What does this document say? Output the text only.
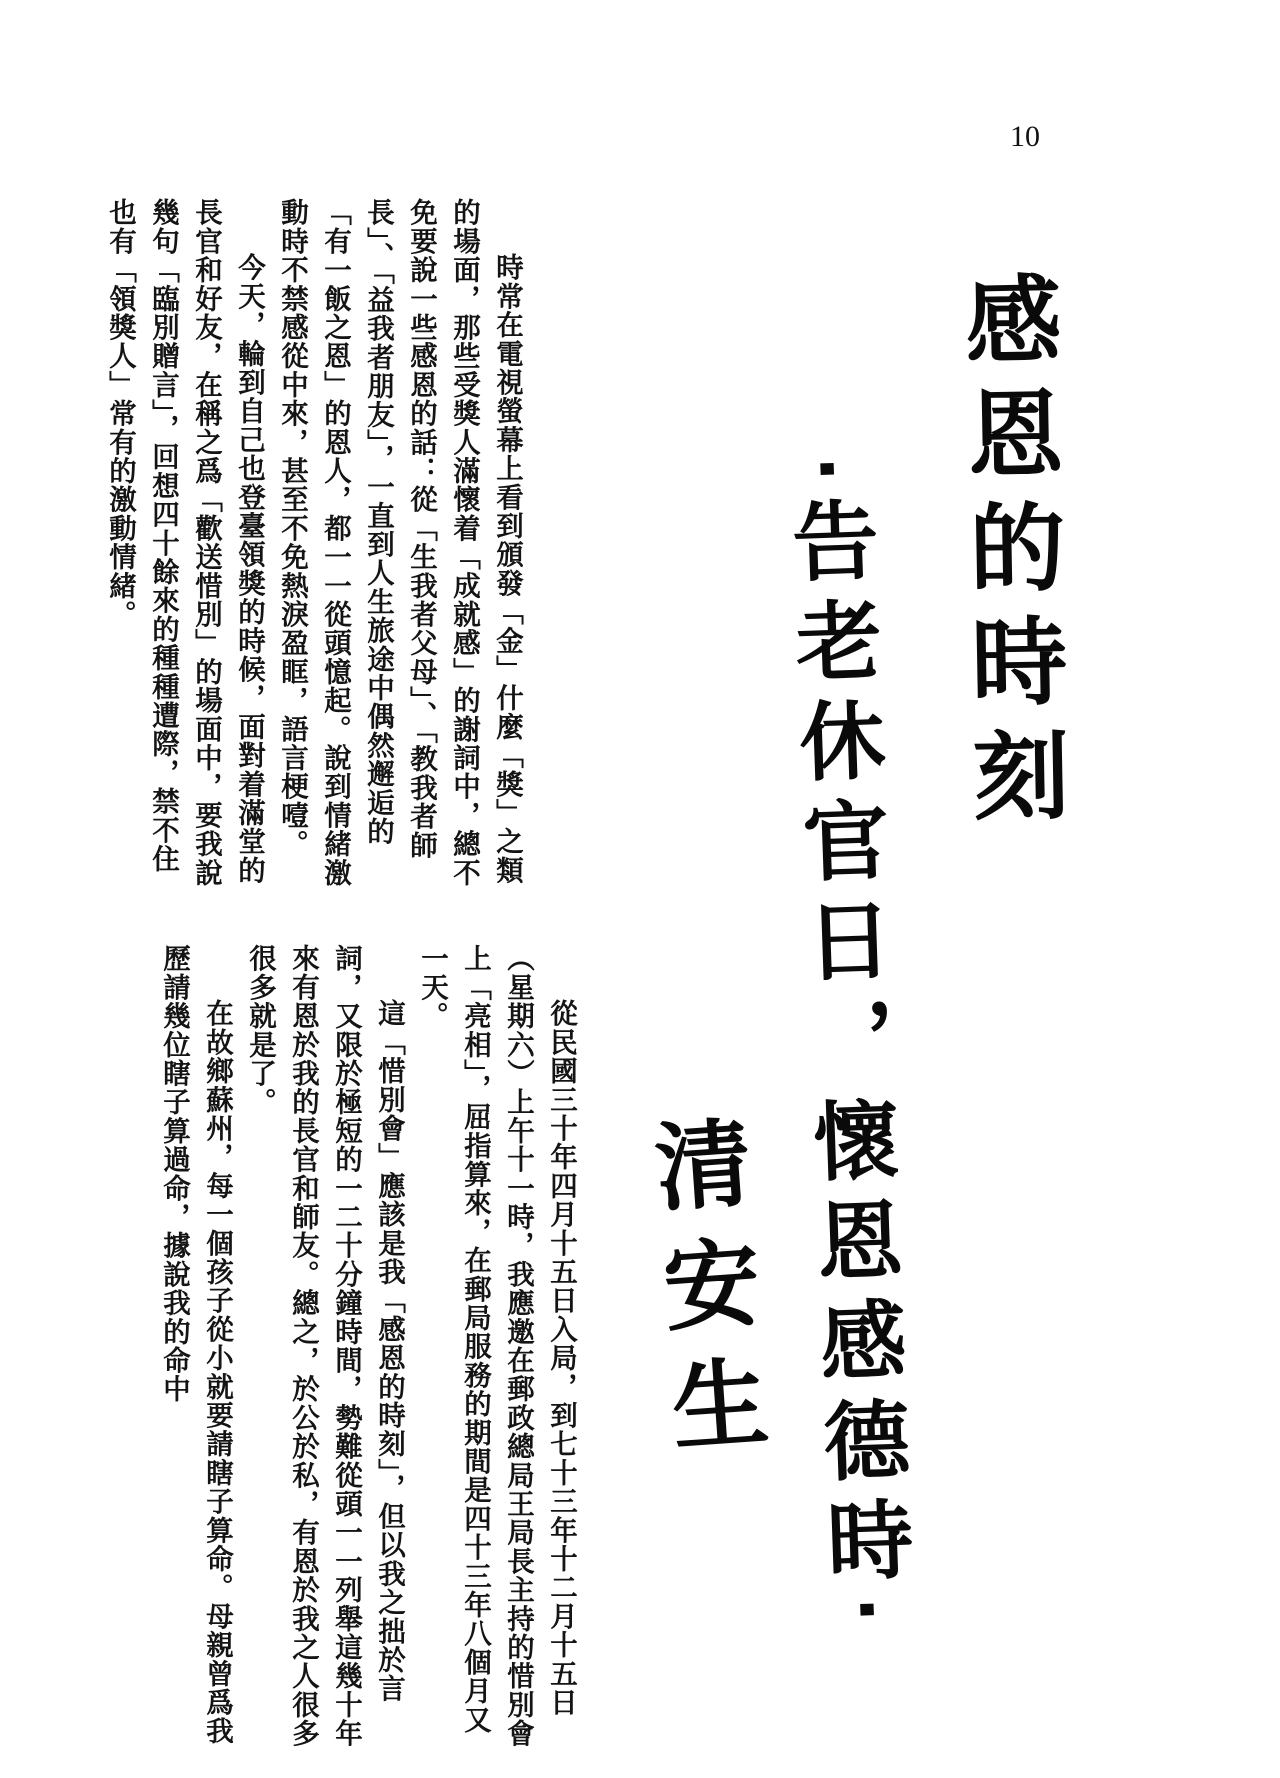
10
感恩的時刻
‧告老休官日，懷恩感德時‧
清安生

時常在電視螢幕上看到頒發「金」什麼「獎」之類的場面，那些受獎人滿懷着「成就感」的謝詞中，總不免要說一些感恩的話：從「生我者父母」、「教我者師長」、「益我者朋友」，一直到人生旅途中偶然邂逅的「有一飯之恩」的恩人，都一一從頭憶起。說到情緒激動時不禁感從中來，甚至不免熱淚盈眶，語言梗噎。

今天，輪到自己也登臺領獎的時候，面對着滿堂的長官和好友，在稱之爲「歡送惜別」的場面中，要我說幾句「臨別贈言」，回想四十餘來的種種遭際，禁不住也有「領獎人」常有的激動情緒。

從民國三十年四月十五日入局，到七十三年十二月十五日（星期六）上午十一時，我應邀在郵政總局王局長主持的惜別會上「亮相」，屈指算來，在郵局服務的期間是四十三年八個月又一天。

這「惜別會」應該是我「感恩的時刻」，但以我之拙於言詞，又限於極短的一二十分鐘時間，勢難從頭一一列舉這幾十年來有恩於我的長官和師友。總之，於公於私，有恩於我之人很多很多就是了。

在故鄉蘇州，每一個孩子從小就要請瞎子算命。母親曾爲我歷請幾位瞎子算過命，據說我的命中
